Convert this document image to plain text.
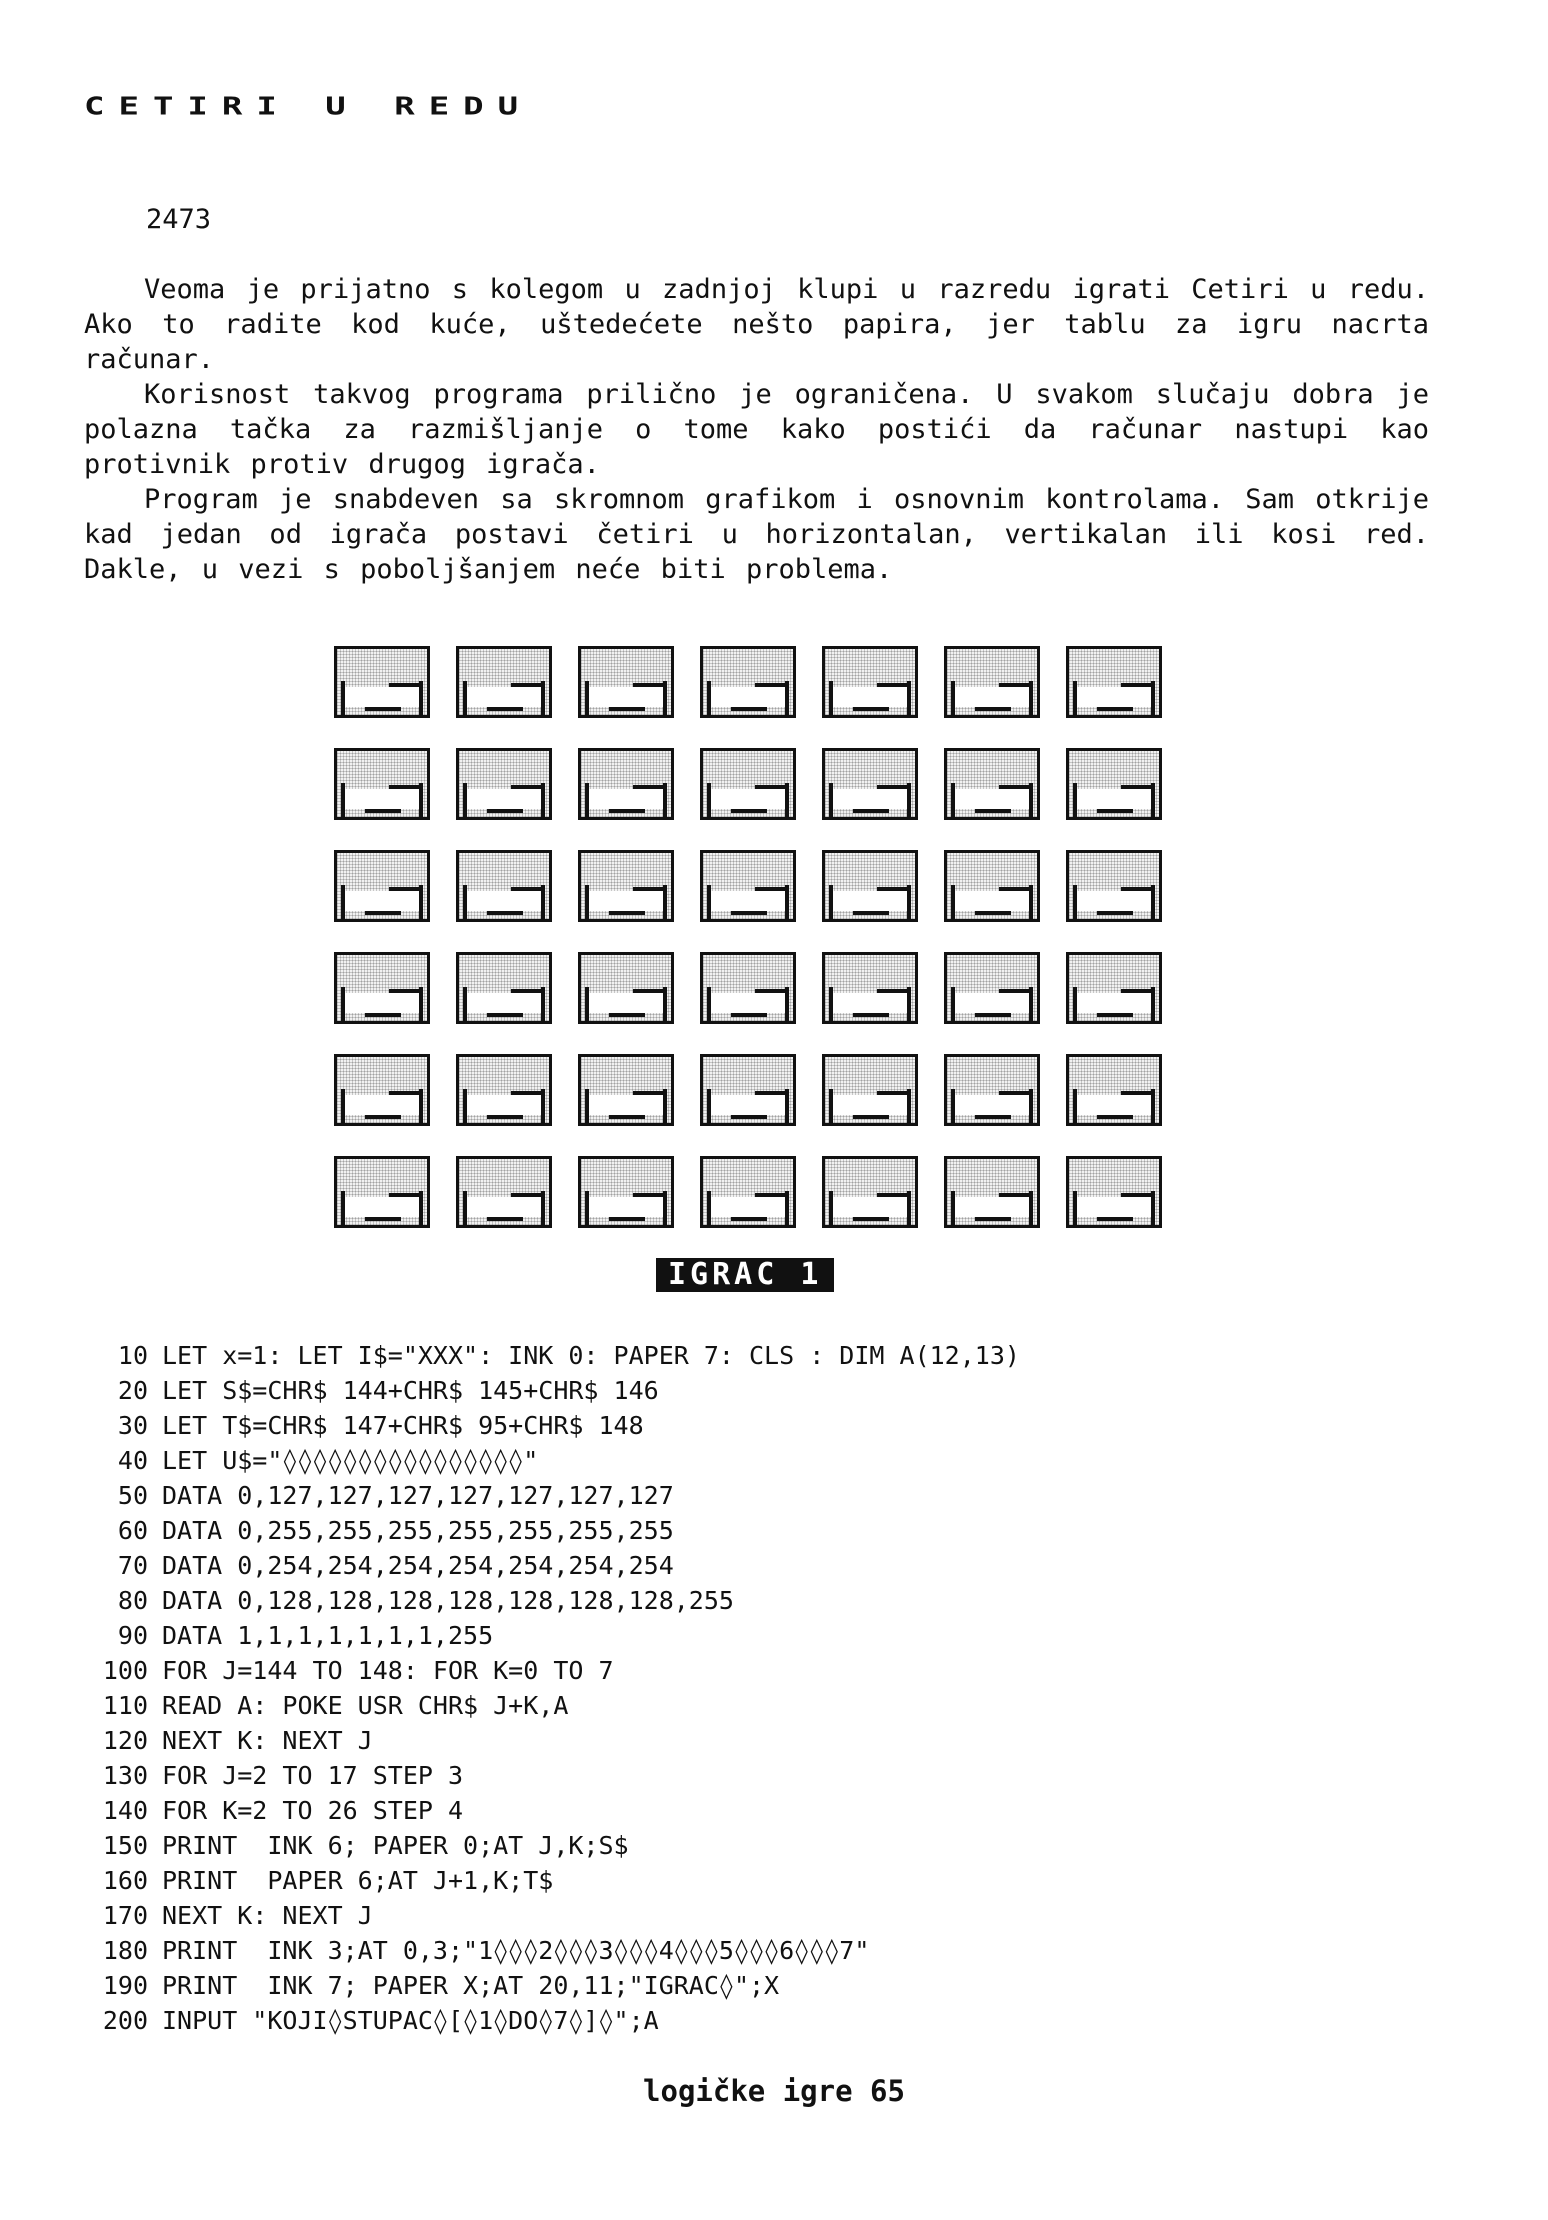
CETIRI U REDU
2473

Veoma je prijatno s kolegom u zadnjoj klupi u razredu igrati Cetiri u redu. Ako to radite kod kuće, uštedećete nešto papira, jer tablu za igru nacrta računar.

Korisnost takvog programa prilično je ograničena. U svakom slučaju dobra je polazna tačka za razmišljanje o tome kako postići da računar nastupi kao protivnik protiv drugog igrača.

Program je snabdeven sa skromnom grafikom i osnovnim kontrolama. Sam otkrije kad jedan od igrača postavi četiri u horizontalan, vertikalan ili kosi red. Dakle, u vezi s poboljšanjem neće biti problema.

IGRAC 1
10 LET x=1: LET I$="XXX": INK 0: PAPER 7: CLS : DIM A(12,13)
20 LET S$=CHR$ 144+CHR$ 145+CHR$ 146
30 LET T$=CHR$ 147+CHR$ 95+CHR$ 148
40 LET U$="◊◊◊◊◊◊◊◊◊◊◊◊◊◊◊◊"
50 DATA 0,127,127,127,127,127,127,127
60 DATA 0,255,255,255,255,255,255,255
70 DATA 0,254,254,254,254,254,254,254
80 DATA 0,128,128,128,128,128,128,128,255
90 DATA 1,1,1,1,1,1,1,255
100 FOR J=144 TO 148: FOR K=0 TO 7
110 READ A: POKE USR CHR$ J+K,A
120 NEXT K: NEXT J
130 FOR J=2 TO 17 STEP 3
140 FOR K=2 TO 26 STEP 4
150 PRINT  INK 6; PAPER 0;AT J,K;S$
160 PRINT  PAPER 6;AT J+1,K;T$
170 NEXT K: NEXT J
180 PRINT  INK 3;AT 0,3;"1◊◊◊2◊◊◊3◊◊◊4◊◊◊5◊◊◊6◊◊◊7"
190 PRINT  INK 7; PAPER X;AT 20,11;"IGRAC◊";X
200 INPUT "KOJI◊STUPAC◊[◊1◊DO◊7◊]◊";A
logičke igre 65
